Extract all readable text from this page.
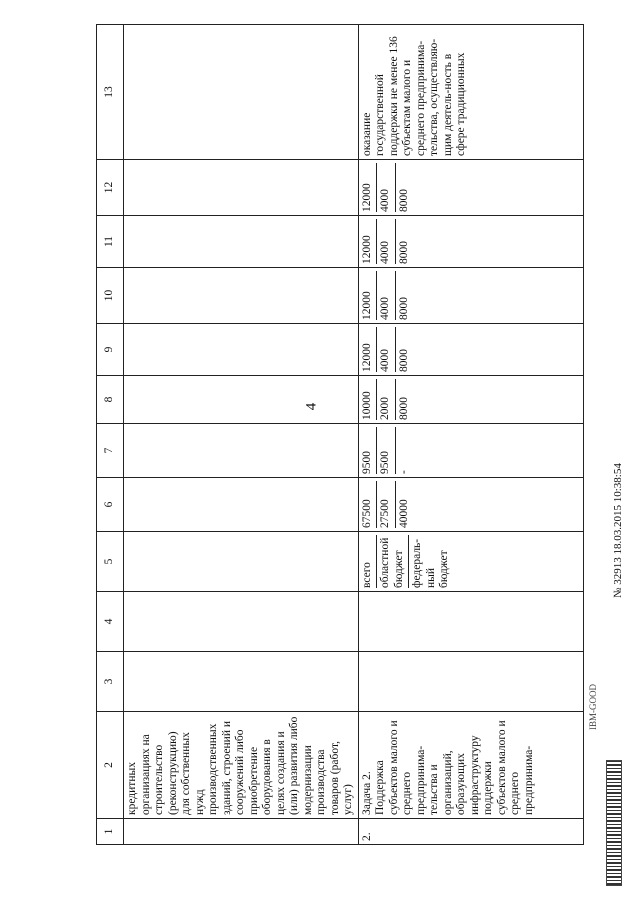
4
1	2	3	4	5	6	7	8	9	10	11	12	13
	кредитных организациях на строительство (реконструкцию) для собственных нужд производственных зданий, строений и сооружений либо приобретение оборудования в целях создания и (или) развития либо модернизации производства товаров (работ, услуг)											
2.	Задача 2. Поддержка субъектов малого и среднего предпринима-тельства и организаций, образующих инфраструктуру поддержки субъектов малого и среднего предпринима-			всего областной бюджет федераль-ный бюджет	67500 27500 40000	9500 9500 -	10000 2000 8000	12000 4000 8000	12000 4000 8000	12000 4000 8000	12000 4000 8000	оказание государственной поддержки не менее 136 субъектам малого и среднего предпринима-тельства, осуществляю-щим деятель-ность в сфере традиционных
IBM-GOOD
№ 32913 18.03.2015 10:38:54
